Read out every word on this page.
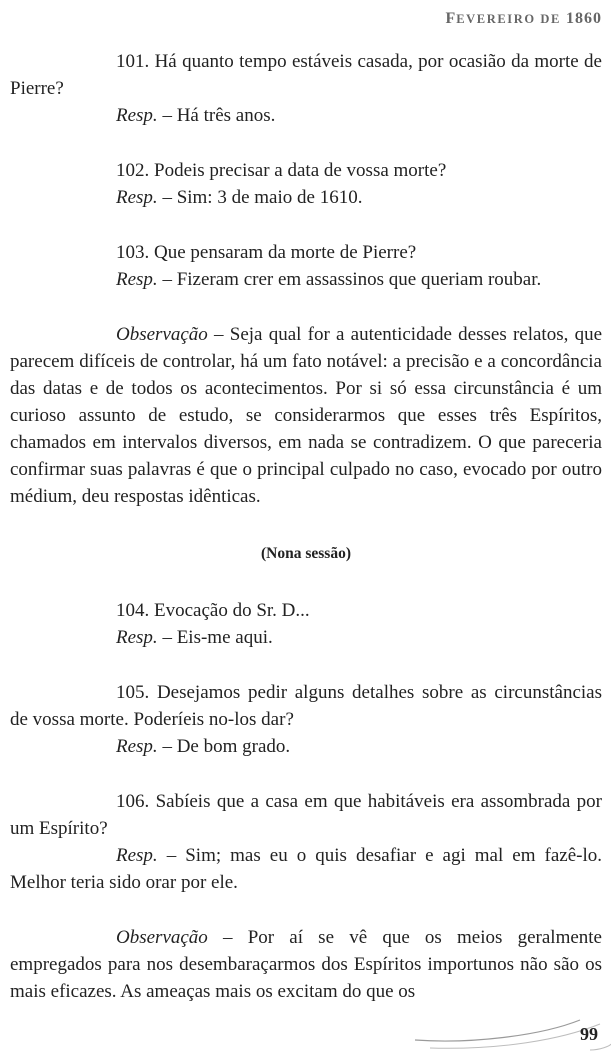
FEVEREIRO DE 1860

101. Há quanto tempo estáveis casada, por ocasião da morte de Pierre?

Resp. – Há três anos.

102. Podeis precisar a data de vossa morte?

Resp. – Sim: 3 de maio de 1610.

103. Que pensaram da morte de Pierre?

Resp. – Fizeram crer em assassinos que queriam roubar.

Observação – Seja qual for a autenticidade desses relatos, que parecem difíceis de controlar, há um fato notável: a precisão e a concordância das datas e de todos os acontecimentos. Por si só essa circunstância é um curioso assunto de estudo, se considerarmos que esses três Espíritos, chamados em intervalos diversos, em nada se contradizem. O que pareceria confirmar suas palavras é que o principal culpado no caso, evocado por outro médium, deu respostas idênticas.

(Nona sessão)

104. Evocação do Sr. D...

Resp. – Eis-me aqui.

105. Desejamos pedir alguns detalhes sobre as circunstâncias de vossa morte. Poderíeis no-los dar?

Resp. – De bom grado.

106. Sabíeis que a casa em que habitáveis era assombrada por um Espírito?

Resp. – Sim; mas eu o quis desafiar e agi mal em fazê-lo. Melhor teria sido orar por ele.

Observação – Por aí se vê que os meios geralmente empregados para nos desembaraçarmos dos Espíritos importunos não são os mais eficazes. As ameaças mais os excitam do que os

99
